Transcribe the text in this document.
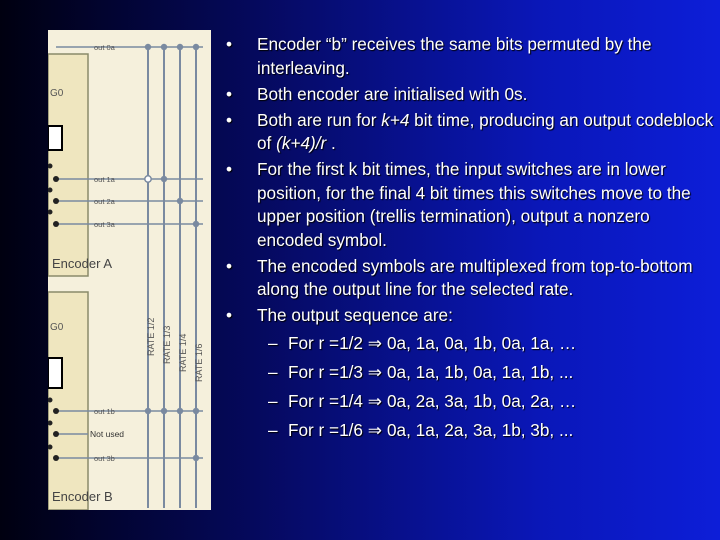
G0
G0
out 0a
out 1a
out 2a
out 3a
out 1b
Not used
out 3b
RATE 1/2 RATE 1/3 RATE 1/4 RATE 1/6
Encoder A
Encoder B
• Encoder “b” receives the same bits permuted by the interleaving.
• Both encoder are initialised with 0s.
• Both are run for k+4 bit time, producing an output codeblock of (k+4)/r .
• For the first k bit times, the input switches are in lower position, for the final 4 bit times this switches move to the upper position (trellis termination), output a nonzero encoded symbol.
• The encoded symbols are multiplexed from top-to-bottom along the output line for the selected rate.
• The output sequence are:
– For r =1/2 ⇒ 0a, 1a, 0a, 1b, 0a, 1a, …
– For r =1/3 ⇒ 0a, 1a, 1b, 0a, 1a, 1b, ...
– For r =1/4 ⇒ 0a, 2a, 3a, 1b, 0a, 2a, …
– For r =1/6 ⇒ 0a, 1a, 2a, 3a, 1b, 3b, ...
